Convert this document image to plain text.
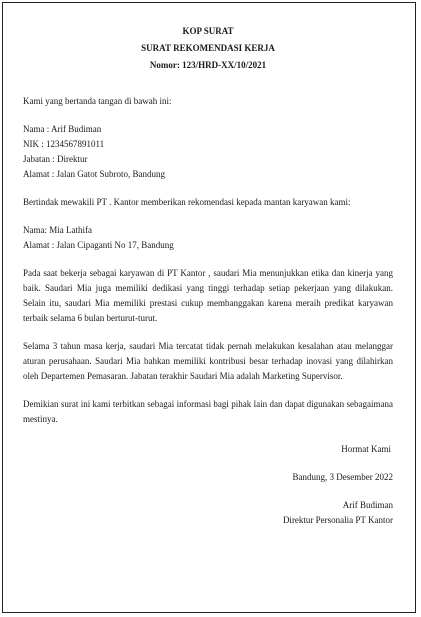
KOP SURAT
SURAT REKOMENDASI KERJA
Nomor: 123/HRD-XX/10/2021

Kami yang bertanda tangan di bawah ini:

Nama : Arif Budiman
NIK : 1234567891011
Jabatan : Direktur
Alamat : Jalan Gatot Subroto, Bandung

Bertindak mewakili PT . Kantor memberikan rekomendasi kepada mantan karyawan kami:

Nama: Mia Lathifa
Alamat : Jalan Cipaganti No 17, Bandung

Pada saat bekerja sebagai karyawan di PT Kantor , saudari Mia menunjukkan etika dan kinerja yang baik. Saudari Mia juga memiliki dedikasi yang tinggi terhadap setiap pekerjaan yang dilakukan. Selain itu, saudari Mia memiliki prestasi cukup membanggakan karena meraih predikat karyawan terbaik selama 6 bulan berturut-turut.

Selama 3 tahun masa kerja, saudari Mia tercatat tidak pernah melakukan kesalahan atau melanggar aturan perusahaan. Saudari Mia bahkan memiliki kontribusi besar terhadap inovasi yang dilahirkan oleh Departemen Pemasaran. Jabatan terakhir Saudari Mia adalah Marketing Supervisor.

Demikian surat ini kami terbitkan sebagai informasi bagi pihak lain dan dapat digunakan sebagaimana mestinya.

Hormat Kami
Bandung, 3 Desember 2022
Arif Budiman
Direktur Personalia PT Kantor
